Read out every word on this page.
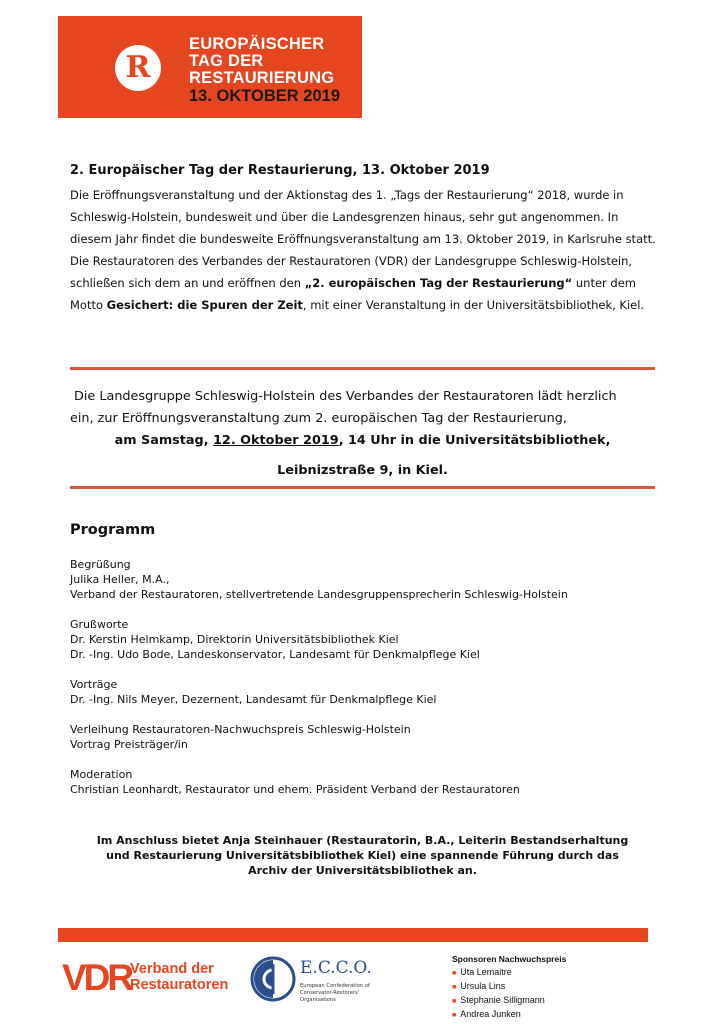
R
EUROPÄISCHER
TAG DER
RESTAURIERUNG
13. OKTOBER 2019
2. Europäischer Tag der Restaurierung, 13. Oktober 2019

Die Eröffnungsveranstaltung und der Aktionstag des 1. „Tags der Restaurierung“ 2018, wurde in Schleswig-Holstein, bundesweit und über die Landesgrenzen hinaus, sehr gut angenommen. In diesem Jahr findet die bundesweite Eröffnungsveranstaltung am 13. Oktober 2019, in Karlsruhe statt. Die Restauratoren des Verbandes der Restauratoren (VDR) der Landesgruppe Schleswig-Holstein, schließen sich dem an und eröffnen den „2. europäischen Tag der Restaurierung“ unter dem Motto Gesichert: die Spuren der Zeit, mit einer Veranstaltung in der Universitätsbibliothek, Kiel.

Die Landesgruppe Schleswig-Holstein des Verbandes der Restauratoren lädt herzlich
ein, zur Eröffnungsveranstaltung zum 2. europäischen Tag der Restaurierung,
am Samstag, 12. Oktober 2019, 14 Uhr in die Universitätsbibliothek,
Leibnizstraße 9, in Kiel.
Programm
Begrüßung
Julika Heller, M.A.,
Verband der Restauratoren, stellvertretende Landesgruppensprecherin Schleswig-Holstein
Grußworte
Dr. Kerstin Helmkamp, Direktorin Universitätsbibliothek Kiel
Dr. -Ing. Udo Bode, Landeskonservator, Landesamt für Denkmalpflege Kiel
Vorträge
Dr. -Ing. Nils Meyer, Dezernent, Landesamt für Denkmalpflege Kiel
Verleihung Restauratoren-Nachwuchspreis Schleswig-Holstein
Vortrag Preisträger/in
Moderation
Christian Leonhardt, Restaurator und ehem. Präsident Verband der Restauratoren
Im Anschluss bietet Anja Steinhauer (Restauratorin, B.A., Leiterin Bestandserhaltung
und Restaurierung Universitätsbibliothek Kiel) eine spannende Führung durch das
Archiv der Universitätsbibliothek an.
VDR
Verband der
Restauratoren
E.C.C.O.
European Confederation of
Conservator-Restorers'
Organisations
Sponsoren Nachwuchspreis
■ Uta Lemaitre
■ Ursula Lins
■ Stephanie Silligmann
■ Andrea Junken
